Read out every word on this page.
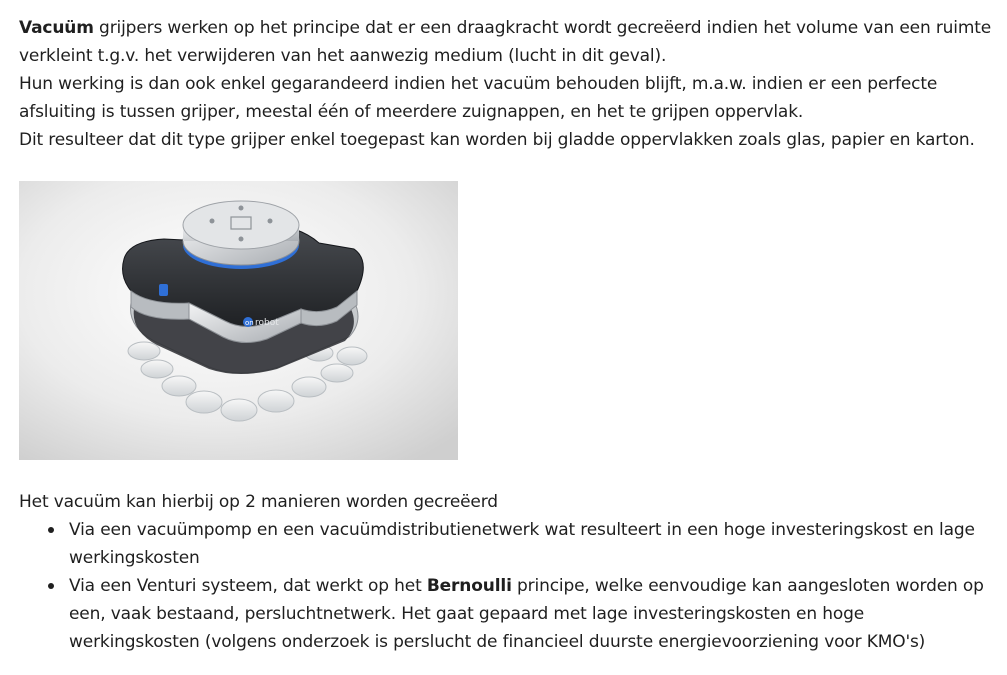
Vacuüm grijpers werken op het principe dat er een draagkracht wordt gecreëerd indien het volume van een ruimte verkleint t.g.v. het verwijderen van het aanwezig medium (lucht in dit geval).

Hun werking is dan ook enkel gegarandeerd indien het vacuüm behouden blijft, m.a.w. indien er een perfecte afsluiting is tussen grijper, meestal één of meerdere zuignappen, en het te grijpen oppervlak.

Dit resulteer dat dit type grijper enkel toegepast kan worden bij gladde oppervlakken zoals glas, papier en karton.

on robot

Het vacuüm kan hierbij op 2 manieren worden gecreëerd

Via een vacuümpomp en een vacuümdistributienetwerk wat resulteert in een hoge investeringskost en lage werkingskosten
Via een Venturi systeem, dat werkt op het Bernoulli principe, welke eenvoudige kan aangesloten worden op een, vaak bestaand, persluchtnetwerk. Het gaat gepaard met lage investeringskosten en hoge werkingskosten (volgens onderzoek is perslucht de financieel duurste energievoorziening voor KMO's)
